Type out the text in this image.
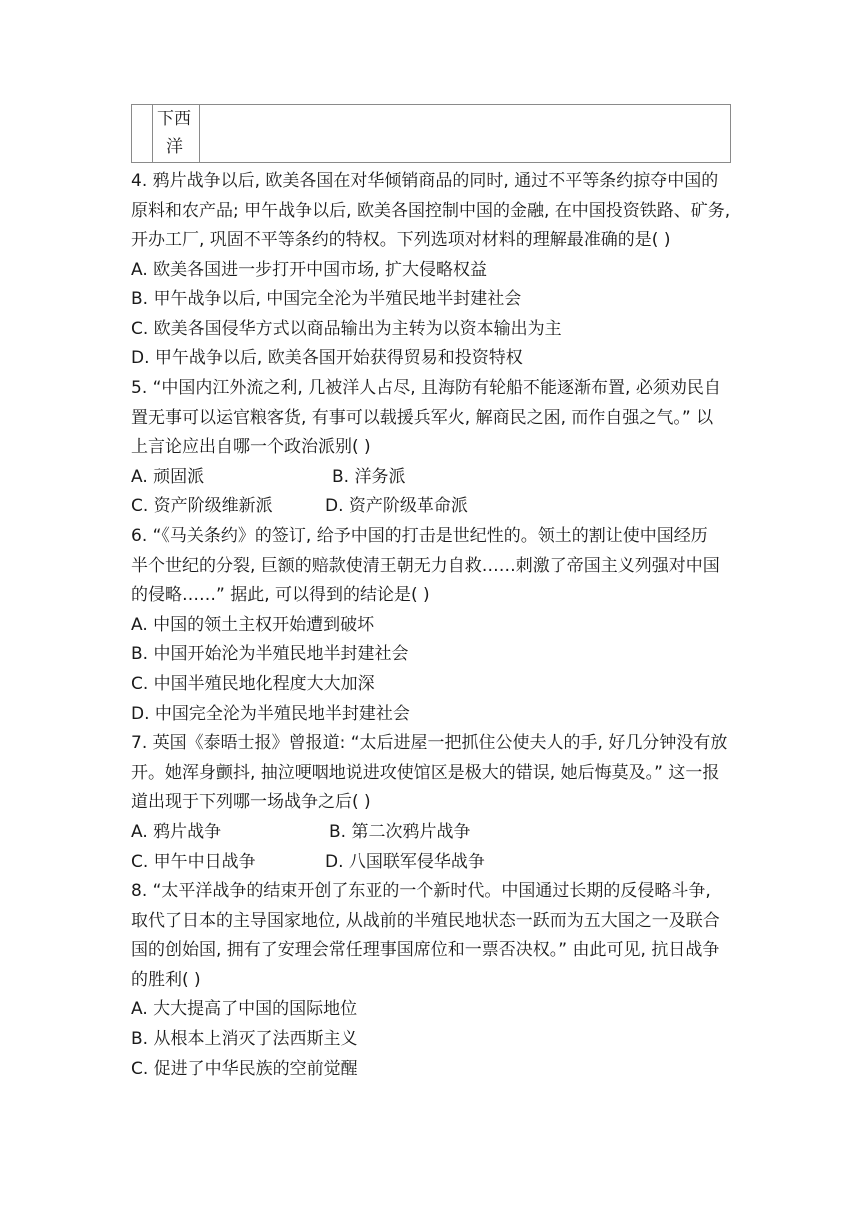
下西
洋
4. 鸦片战争以后, 欧美各国在对华倾销商品的同时, 通过不平等条约掠夺中国的
原料和农产品; 甲午战争以后, 欧美各国控制中国的金融, 在中国投资铁路、矿务,
开办工厂, 巩固不平等条约的特权。下列选项对材料的理解最准确的是( )
A. 欧美各国进一步打开中国市场, 扩大侵略权益
B. 甲午战争以后, 中国完全沦为半殖民地半封建社会
C. 欧美各国侵华方式以商品输出为主转为以资本输出为主
D. 甲午战争以后, 欧美各国开始获得贸易和投资特权
5. “中国内江外流之利, 几被洋人占尽, 且海防有轮船不能逐渐布置, 必须劝民自
置无事可以运官粮客货, 有事可以载援兵军火, 解商民之困, 而作自强之气。” 以
上言论应出自哪一个政治派别( )
A. 顽固派	B. 洋务派
C. 资产阶级维新派	D. 资产阶级革命派
6. “《马关条约》的签订, 给予中国的打击是世纪性的。领土的割让使中国经历
半个世纪的分裂, 巨额的赔款使清王朝无力自救……刺激了帝国主义列强对中国
的侵略……” 据此, 可以得到的结论是( )
A. 中国的领土主权开始遭到破坏
B. 中国开始沦为半殖民地半封建社会
C. 中国半殖民地化程度大大加深
D. 中国完全沦为半殖民地半封建社会
7. 英国《泰晤士报》曾报道: “太后进屋一把抓住公使夫人的手, 好几分钟没有放
开。她浑身颤抖, 抽泣哽咽地说进攻使馆区是极大的错误, 她后悔莫及。” 这一报
道出现于下列哪一场战争之后( )
A. 鸦片战争	B. 第二次鸦片战争
C. 甲午中日战争	D. 八国联军侵华战争
8. “太平洋战争的结束开创了东亚的一个新时代。中国通过长期的反侵略斗争,
取代了日本的主导国家地位, 从战前的半殖民地状态一跃而为五大国之一及联合
国的创始国, 拥有了安理会常任理事国席位和一票否决权。” 由此可见, 抗日战争
的胜利( )
A. 大大提高了中国的国际地位
B. 从根本上消灭了法西斯主义
C. 促进了中华民族的空前觉醒
